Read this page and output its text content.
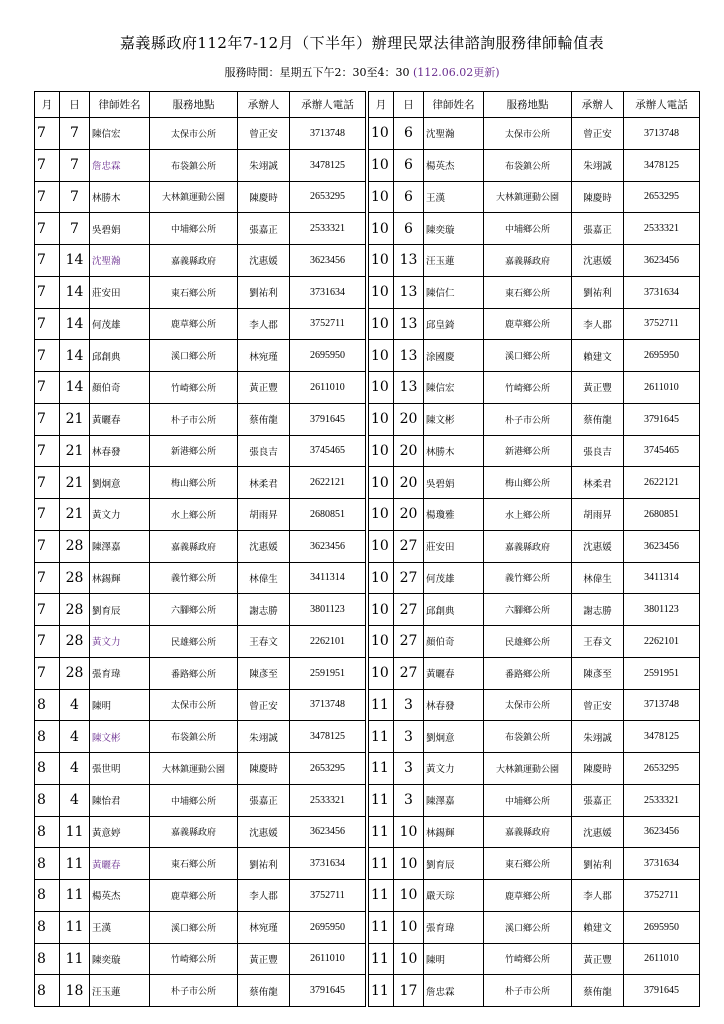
嘉義縣政府112年7-12月（下半年）辦理民眾法律諮詢服務律師輪值表
服務時間：星期五下午2：30至4：30 (112.06.02更新)
月	日	律師姓名	服務地點	承辦人	承辦人電話
7	7	陳信宏	太保市公所	曾正安	3713748
7	7	詹忠霖	布袋鎮公所	朱翊誠	3478125
7	7	林勝木	大林鎮運動公園	陳慶時	2653295
7	7	吳碧娟	中埔鄉公所	張嘉正	2533321
7	14	沈聖瀚	嘉義縣政府	沈惠媛	3623456
7	14	莊安田	東石鄉公所	劉祐利	3731634
7	14	何茂雄	鹿草鄉公所	李人郡	3752711
7	14	邱創典	溪口鄉公所	林宛瑾	2695950
7	14	顏伯奇	竹崎鄉公所	黃正豐	2611010
7	21	黃曬春	朴子市公所	蔡侑龍	3791645
7	21	林春發	新港鄉公所	張良吉	3745465
7	21	劉炯意	梅山鄉公所	林柔君	2622121
7	21	黃文力	水上鄉公所	胡雨昇	2680851
7	28	陳澤嘉	嘉義縣政府	沈惠媛	3623456
7	28	林錫輝	義竹鄉公所	林偉生	3411314
7	28	劉育辰	六腳鄉公所	謝志勝	3801123
7	28	黃文力	民雄鄉公所	王春文	2262101
7	28	張育瑋	番路鄉公所	陳彥至	2591951
8	4	陳明	太保市公所	曾正安	3713748
8	4	陳文彬	布袋鎮公所	朱翊誠	3478125
8	4	張世明	大林鎮運動公園	陳慶時	2653295
8	4	陳怡君	中埔鄉公所	張嘉正	2533321
8	11	黃意婷	嘉義縣政府	沈惠媛	3623456
8	11	黃曬春	東石鄉公所	劉祐利	3731634
8	11	楊英杰	鹿草鄉公所	李人郡	3752711
8	11	王漢	溪口鄉公所	林宛瑾	2695950
8	11	陳奕璇	竹崎鄉公所	黃正豐	2611010
8	18	汪玉蓮	朴子市公所	蔡侑龍	3791645
月	日	律師姓名	服務地點	承辦人	承辦人電話
10	6	沈聖瀚	太保市公所	曾正安	3713748
10	6	楊英杰	布袋鎮公所	朱翊誠	3478125
10	6	王漢	大林鎮運動公園	陳慶時	2653295
10	6	陳奕璇	中埔鄉公所	張嘉正	2533321
10	13	汪玉蓮	嘉義縣政府	沈惠媛	3623456
10	13	陳信仁	東石鄉公所	劉祐利	3731634
10	13	邱皇錡	鹿草鄉公所	李人郡	3752711
10	13	涂國慶	溪口鄉公所	賴建文	2695950
10	13	陳信宏	竹崎鄉公所	黃正豐	2611010
10	20	陳文彬	朴子市公所	蔡侑龍	3791645
10	20	林勝木	新港鄉公所	張良吉	3745465
10	20	吳碧娟	梅山鄉公所	林柔君	2622121
10	20	楊瓊雅	水上鄉公所	胡雨昇	2680851
10	27	莊安田	嘉義縣政府	沈惠媛	3623456
10	27	何茂雄	義竹鄉公所	林偉生	3411314
10	27	邱創典	六腳鄉公所	謝志勝	3801123
10	27	顏伯奇	民雄鄉公所	王春文	2262101
10	27	黃曬春	番路鄉公所	陳彥至	2591951
11	3	林春發	太保市公所	曾正安	3713748
11	3	劉炯意	布袋鎮公所	朱翊誠	3478125
11	3	黃文力	大林鎮運動公園	陳慶時	2653295
11	3	陳澤嘉	中埔鄉公所	張嘉正	2533321
11	10	林錫輝	嘉義縣政府	沈惠媛	3623456
11	10	劉育辰	東石鄉公所	劉祐利	3731634
11	10	嚴天琮	鹿草鄉公所	李人郡	3752711
11	10	張育瑋	溪口鄉公所	賴建文	2695950
11	10	陳明	竹崎鄉公所	黃正豐	2611010
11	17	詹忠霖	朴子市公所	蔡侑龍	3791645
